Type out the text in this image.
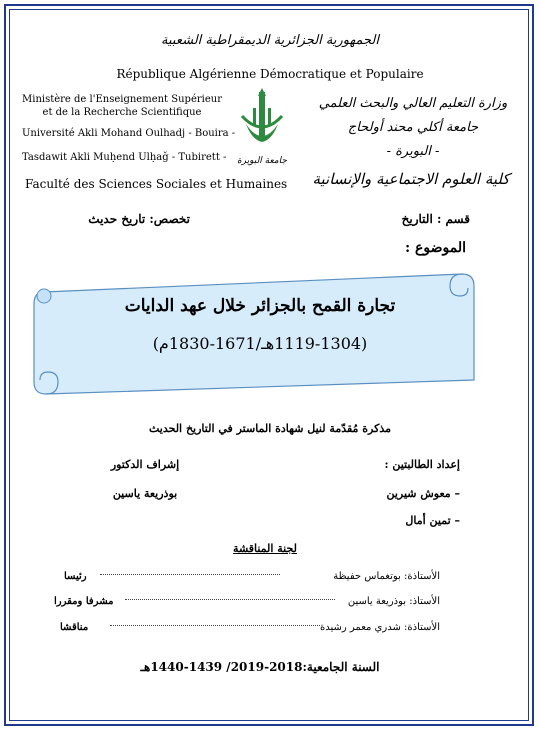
الجمهورية الجزائرية الديمقراطية الشعبية
République Algérienne Démocratique et Populaire
Ministère de l'Enseignement Supérieur
et de la Recherche Scientifique
Université Akli Mohand Oulhadj - Bouira -
Tasdawit Akli Muḥend Ulḥaǧ - Tubirett -
Faculté des Sciences Sociales et Humaines
وزارة التعليم العالي والبحث العلمي
جامعة أكلي محند أولحاج
- البويرة -
كلية العلوم الاجتماعية والإنسانية
جامعة البويرة
قسم : التاريخ
تخصص: تاريخ حديث
الموضوع :
تجارة القمح بالجزائر خلال عهد الدايات
(1119-1304هـ/1671-1830م)
مذكرة مُقدّمة لنيل شهادة الماستر في التاريخ الحديث
إعداد الطالبتين :
إشراف الدكتور
– معوش شيرين
بوذريعة ياسين
– تمين أمال
لجنة المناقشة
الأستاذة: بوتغماس حفيظة
رئيسا
الأستاذ: بوذريعة ياسين
مشرفا ومقررا
الأستاذة: شدري معمر رشيدة
مناقشا
السنة الجامعية:2018-2019/ 1439-1440هـ
